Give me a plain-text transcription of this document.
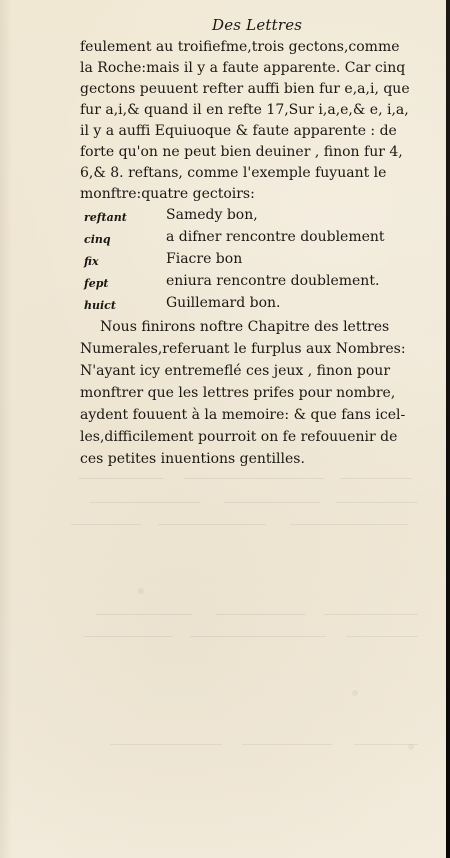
Des Lettres
feulement au troifiefme,trois gectons,comme
la Roche:mais il y a faute apparente. Car cinq
gectons peuuent refter auffi bien fur e,a,i, que
fur a,i,& quand il en refte 17,Sur i,a,e,& e, i,a,
il y a auffi Equiuoque & faute apparente : de
forte qu'on ne peut bien deuiner , finon fur 4,
6,& 8. reftans, comme l'exemple fuyuant le
monftre:quatre gectoirs:
reftant	Samedy bon,
cinq	a difner rencontre doublement
fix	Fiacre bon
fept	eniura rencontre doublement.
huict	Guillemard bon.
Nous finirons noftre Chapitre des lettres
Numerales,referuant le furplus aux Nombres:
N'ayant icy entremeflé ces jeux , finon pour
monftrer que les lettres prifes pour nombre,
aydent fouuent à la memoire: & que fans icel-
les,difficilement pourroit on fe refouuenir de
ces petites inuentions gentilles.
